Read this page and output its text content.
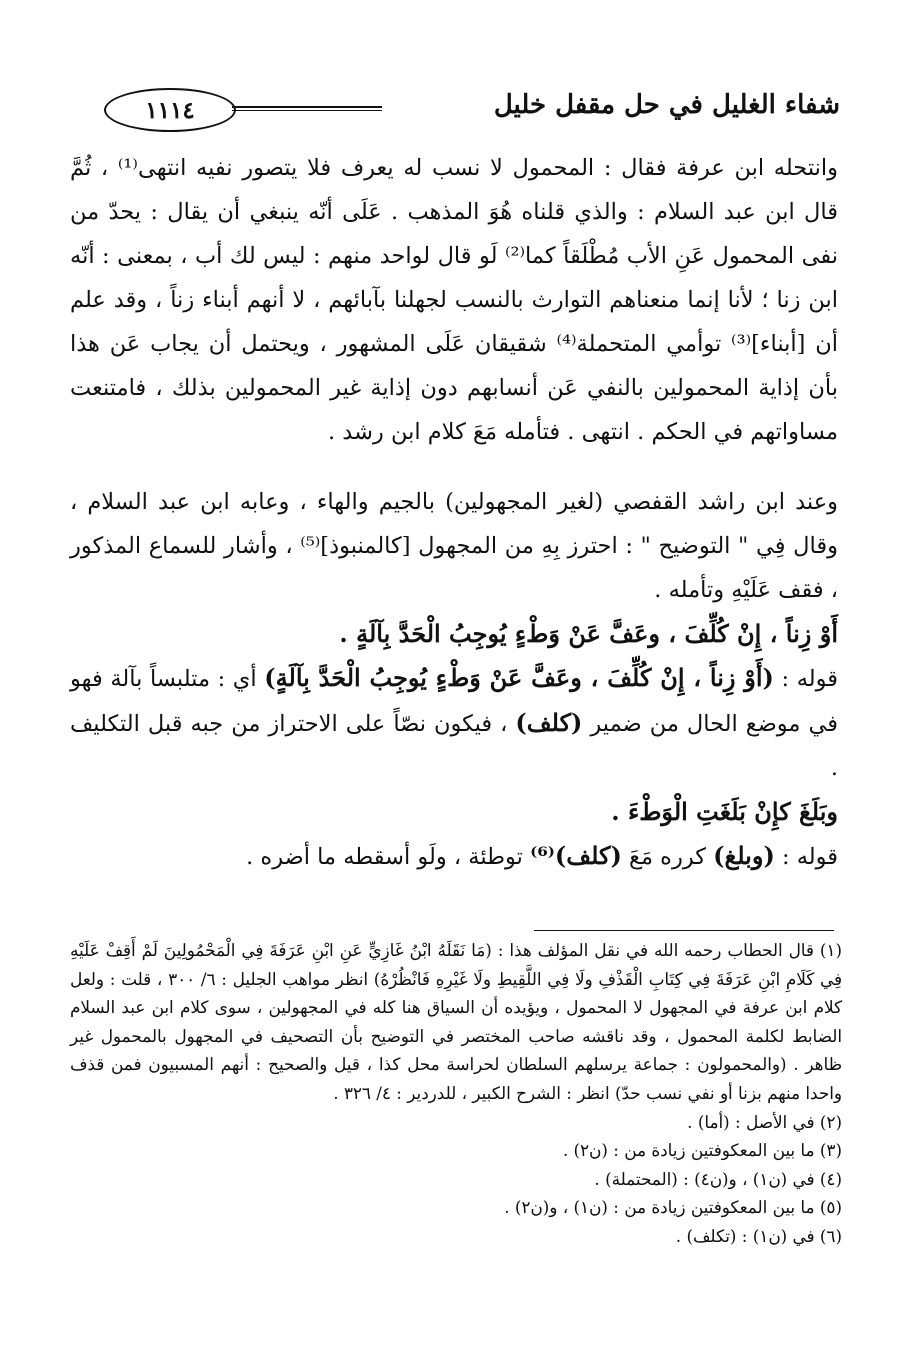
١١١٤	شفاء الغليل في حل مقفل خليل

وانتحله ابن عرفة فقال : المحمول لا نسب له يعرف فلا يتصور نفيه انتهى⁽¹⁾ ، ثُمَّ قال ابن عبد السلام : والذي قلناه هُوَ المذهب . عَلَى أنّه ينبغي أن يقال : يحدّ من نفى المحمول عَنِ الأب مُطْلَقاً كما⁽²⁾ لَو قال لواحد منهم : ليس لك أب ، بمعنى : أنّه ابن زنا ؛ لأنا إنما منعناهم التوارث بالنسب لجهلنا بآبائهم ، لا أنهم أبناء زناً ، وقد علم أن [أبناء]⁽³⁾ توأمي المتحملة⁽⁴⁾ شقيقان عَلَى المشهور ، ويحتمل أن يجاب عَن هذا بأن إذاية المحمولين بالنفي عَن أنسابهم دون إذاية غير المحمولين بذلك ، فامتنعت مساواتهم في الحكم . انتهى . فتأمله مَعَ كلام ابن رشد .

وعند ابن راشد القفصي (لغير المجهولين) بالجيم والهاء ، وعابه ابن عبد السلام ، وقال فِي " التوضيح " : احترز بِهِ من المجهول [كالمنبوذ]⁽⁵⁾ ، وأشار للسماع المذكور ، فقف عَلَيْهِ وتأمله .

أَوْ زِناً ، إِنْ كُلِّفَ ، وعَفَّ عَنْ وَطْءٍ يُوجِبُ الْحَدَّ بِآلَةٍ .

قوله : (أَوْ زِناً ، إِنْ كُلِّفَ ، وعَفَّ عَنْ وَطْءٍ يُوجِبُ الْحَدَّ بِآلَةٍ) أي : متلبساً بآلة فهو في موضع الحال من ضمير (كلف) ، فيكون نصّاً على الاحتراز من جبه قبل التكليف .

وبَلَغَ كإِنْ بَلَغَتِ الْوَطْءَ .

قوله : (وبلغ) كرره مَعَ (كلف)⁽⁶⁾ توطئة ، ولَو أسقطه ما أضره .

(١) قال الحطاب رحمه الله في نقل المؤلف هذا : (مَا نَقَلَهُ ابْنُ غَازِيٍّ عَنِ ابْنِ عَرَفَةَ فِي الْمَحْمُولِينَ لَمْ أَقِفْ عَلَيْهِ فِي كَلَامِ ابْنِ عَرَفَةَ فِي كِتَابِ الْقَذْفِ ولَا فِي اللَّقِيطِ ولَا غَيْرِهِ فَانْظُرْهُ) انظر مواهب الجليل : ٦/ ٣٠٠ ، قلت : ولعل كلام ابن عرفة في المجهول لا المحمول ، ويؤيده أن السياق هنا كله في المجهولين ، سوى كلام ابن عبد السلام الضابط لكلمة المحمول ، وقد ناقشه صاحب المختصر في التوضيح بأن التصحيف في المجهول بالمحمول غير ظاهر . (والمحمولون : جماعة يرسلهم السلطان لحراسة محل كذا ، قيل والصحيح : أنهم المسبيون فمن قذف واحدا منهم بزنا أو نفي نسب حدّ) انظر : الشرح الكبير ، للدردير : ٤/ ٣٢٦ .

(٢) في الأصل : (أما) .

(٣) ما بين المعكوفتين زيادة من : (ن٢) .

(٤) في (ن١) ، و(ن٤) : (المحتملة) .

(٥) ما بين المعكوفتين زيادة من : (ن١) ، و(ن٢) .

(٦) في (ن١) : (تكلف) .
